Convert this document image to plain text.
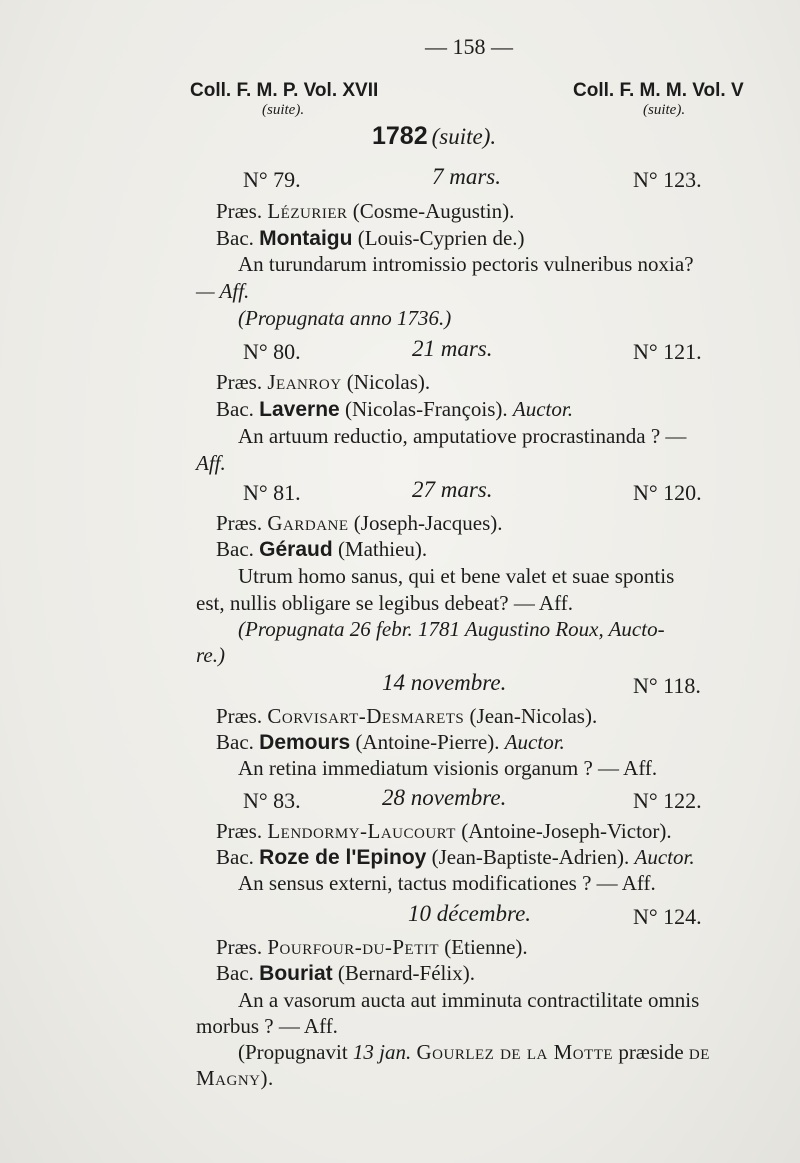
— 158 —
Coll. F. M. P. Vol. XVII
(suite).
Coll. F. M. M. Vol. V
(suite).
1782 (suite).
N° 79.	7 mars.	N° 123.
Præs. Lézurier (Cosme-Augustin).
Bac. Montaigu (Louis-Cyprien de.)
An turundarum intromissio pectoris vulneribus noxia?
— Aff.
(Propugnata anno 1736.)
N° 80.	21 mars.	N° 121.
Præs. Jeanroy (Nicolas).
Bac. Laverne (Nicolas-François). Auctor.
An artuum reductio, amputatiove procrastinanda ? —
Aff.
N° 81.	27 mars.	N° 120.
Præs. Gardane (Joseph-Jacques).
Bac. Géraud (Mathieu).
Utrum homo sanus, qui et bene valet et suae spontis
est, nullis obligare se legibus debeat? — Aff.
(Propugnata 26 febr. 1781 Augustino Roux, Aucto-
re.)
14 novembre.	N° 118.
Præs. Corvisart-Desmarets (Jean-Nicolas).
Bac. Demours (Antoine-Pierre). Auctor.
An retina immediatum visionis organum ? — Aff.
N° 83.	28 novembre.	N° 122.
Præs. Lendormy-Laucourt (Antoine-Joseph-Victor).
Bac. Roze de l'Epinoy (Jean-Baptiste-Adrien). Auctor.
An sensus externi, tactus modificationes ? — Aff.
10 décembre.	N° 124.
Præs. Pourfour-du-Petit (Etienne).
Bac. Bouriat (Bernard-Félix).
An a vasorum aucta aut imminuta contractilitate omnis
morbus ? — Aff.
(Propugnavit 13 jan. Gourlez de la Motte præside de
Magny).
